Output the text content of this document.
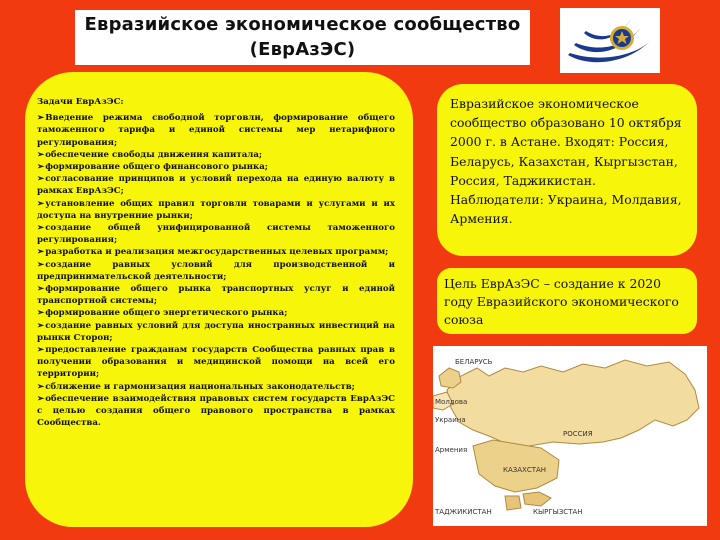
Евразийское экономическое сообщество
(ЕврАзЭС)
Задачи ЕврАзЭС:
➢ Введение режима свободной торговли, формирование общего таможенного тарифа и единой системы мер нетарифного регулирования;
➢ обеспечение свободы движения капитала;
➢ формирование общего финансового рынка;
➢ согласование принципов и условий перехода на единую валюту в рамках ЕврАзЭС;
➢ установление общих правил торговли товарами и услугами и их доступа на внутренние рынки;
➢ создание общей унифицированной системы таможенного регулирования;
➢ разработка и реализация межгосударственных целевых программ;
➢ создание равных условий для производственной и предпринимательской деятельности;
➢ формирование общего рынка транспортных услуг и единой транспортной системы;
➢ формирование общего энергетического рынка;
➢ создание равных условий для доступа иностранных инвестиций на рынки Сторон;
➢ предоставление гражданам государств Сообщества равных прав в получении образования и медицинской помощи на всей его территории;
➢ сближение и гармонизация национальных законодательств;
➢ обеспечение взаимодействия правовых систем государств ЕврАзЭС с целью создания общего правового пространства в рамках Сообщества.
Евразийское экономическое сообщество образовано 10 октября 2000 г. в Астане. Входят: Россия, Беларусь, Казахстан, Кыргызстан, Россия, Таджикистан. Наблюдатели: Украина, Молдавия, Армения.
Цель ЕврАзЭС – создание к 2020 году Евразийского экономического союза
БЕЛАРУСЬ
Молдова
Украина
Армения
РОССИЯ
КАЗАХСТАН
ТАДЖИКИСТАН	КЫРГЫЗСТАН
